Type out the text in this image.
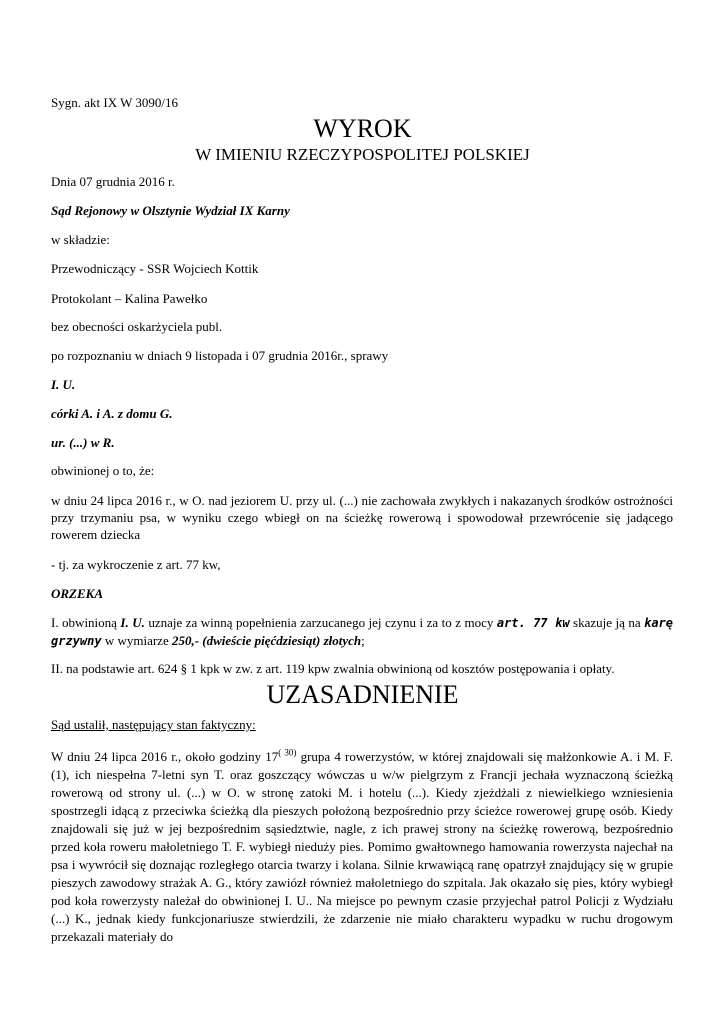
Sygn. akt IX W 3090/16

WYROK

W IMIENIU RZECZYPOSPOLITEJ POLSKIEJ

Dnia 07 grudnia 2016 r.

Sąd Rejonowy w Olsztynie Wydział IX Karny

w składzie:

Przewodniczący - SSR Wojciech Kottik

Protokolant – Kalina Pawełko

bez obecności oskarżyciela publ.

po rozpoznaniu w dniach 9 listopada i 07 grudnia 2016r., sprawy

I. U.

córki A. i A. z domu G.

ur. (...) w R.

obwinionej o to, że:

w dniu 24 lipca 2016 r., w O. nad jeziorem U. przy ul. (...) nie zachowała zwykłych i nakazanych środków ostrożności przy trzymaniu psa, w wyniku czego wbiegł on na ścieżkę rowerową i spowodował przewrócenie się jadącego rowerem dziecka

- tj. za wykroczenie z art. 77 kw,

ORZEKA

I. obwinioną I. U. uznaje za winną popełnienia zarzucanego jej czynu i za to z mocy art. 77 kw skazuje ją na karę grzywny w wymiarze 250,- (dwieście pięćdziesiąt) złotych;

II. na podstawie art. 624 § 1 kpk w zw. z art. 119 kpw zwalnia obwinioną od kosztów postępowania i opłaty.

UZASADNIENIE

Sąd ustalił, następujący stan faktyczny:

W dniu 24 lipca 2016 r., około godziny $17^{( 30)}$ grupa 4 rowerzystów, w której znajdowali się małżonkowie A. i M. F. (1), ich niespełna 7-letni syn T. oraz goszczący wówczas u w/w pielgrzym z Francji jechała wyznaczoną ścieżką rowerową od strony ul. (...) w O. w stronę zatoki M. i hotelu (...). Kiedy zjeżdżali z niewielkiego wzniesienia spostrzegli idącą z przeciwka ścieżką dla pieszych położoną bezpośrednio przy ścieżce rowerowej grupę osób. Kiedy znajdowali się już w jej bezpośrednim sąsiedztwie, nagle, z ich prawej strony na ścieżkę rowerową, bezpośrednio przed koła roweru małoletniego T. F. wybiegł nieduży pies. Pomimo gwałtownego hamowania rowerzysta najechał na psa i wywrócił się doznając rozległego otarcia twarzy i kolana. Silnie krwawiącą ranę opatrzył znajdujący się w grupie pieszych zawodowy strażak A. G., który zawiózł również małoletniego do szpitala. Jak okazało się pies, który wybiegł pod koła rowerzysty należał do obwinionej I. U.. Na miejsce po pewnym czasie przyjechał patrol Policji z Wydziału (...) K., jednak kiedy funkcjonariusze stwierdzili, że zdarzenie nie miało charakteru wypadku w ruchu drogowym przekazali materiały do
